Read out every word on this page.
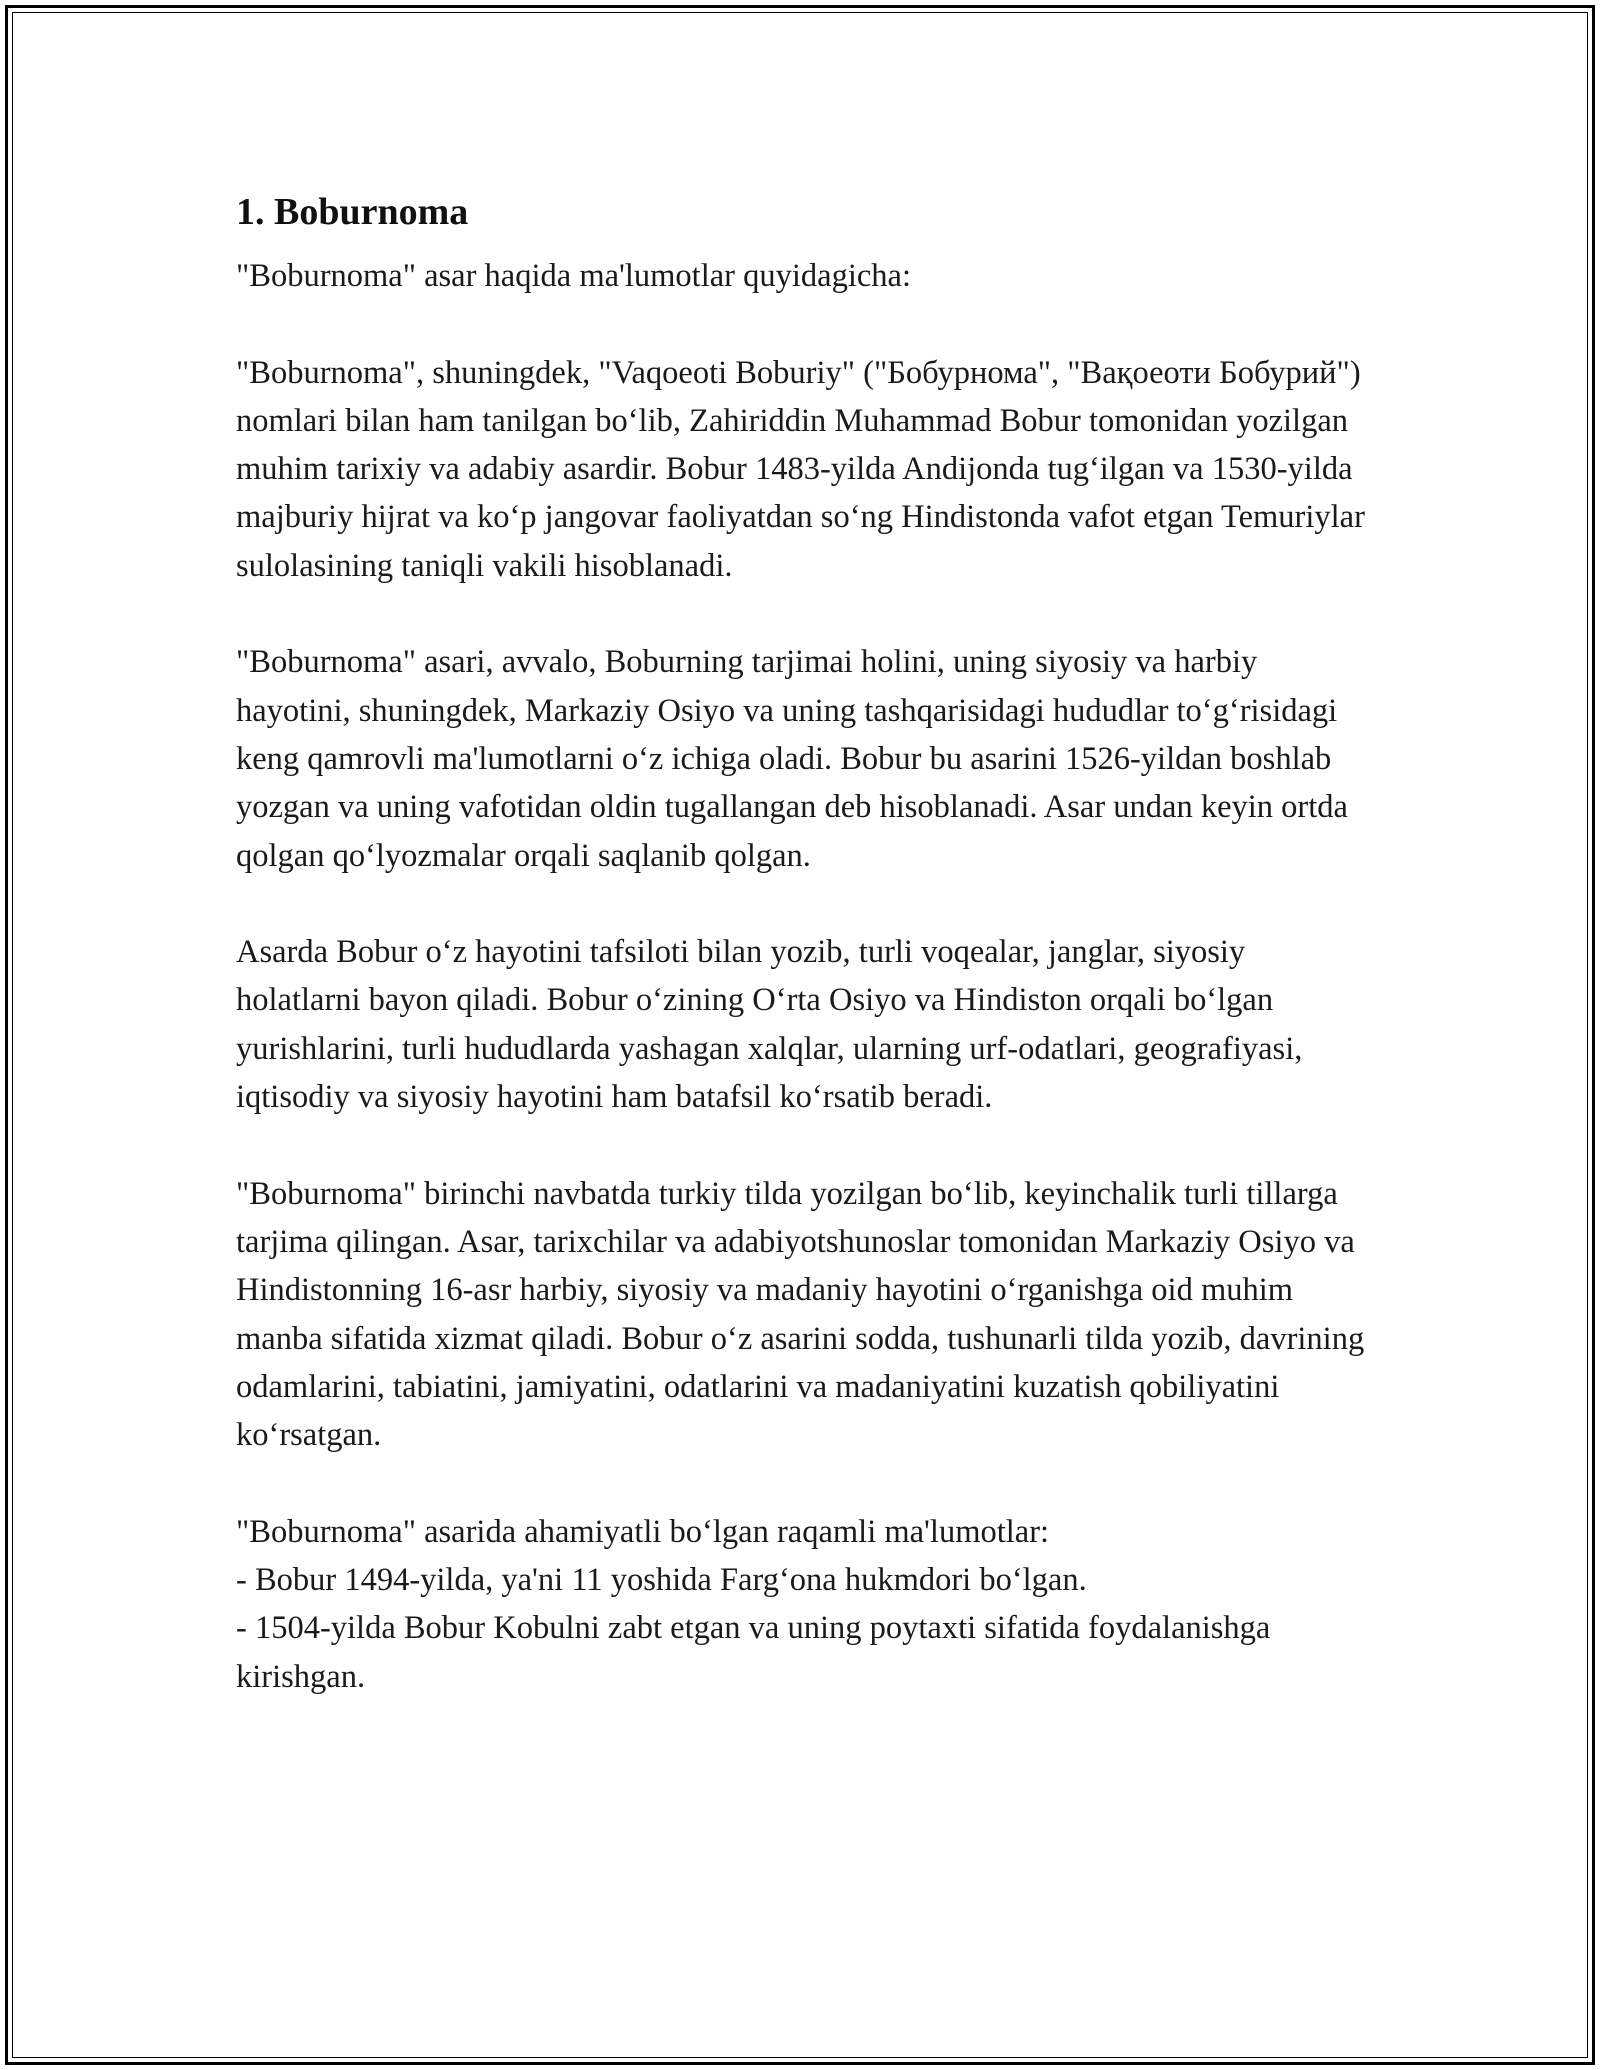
1. Boburnoma

"Boburnoma" asar haqida ma'lumotlar quyidagicha:

"Boburnoma", shuningdek, "Vaqoeoti Boburiy" ("Бобурнома", "Вақоеоти Бобурий") nomlari bilan ham tanilgan boʻlib, Zahiriddin Muhammad Bobur tomonidan yozilgan muhim tarixiy va adabiy asardir. Bobur 1483-yilda Andijonda tugʻilgan va 1530-yilda majburiy hijrat va koʻp jangovar faoliyatdan soʻng Hindistonda vafot etgan Temuriylar sulolasining taniqli vakili hisoblanadi.

"Boburnoma" asari, avvalo, Boburning tarjimai holini, uning siyosiy va harbiy hayotini, shuningdek, Markaziy Osiyo va uning tashqarisidagi hududlar toʻgʻrisidagi keng qamrovli ma'lumotlarni oʻz ichiga oladi. Bobur bu asarini 1526-yildan boshlab yozgan va uning vafotidan oldin tugallangan deb hisoblanadi. Asar undan keyin ortda qolgan qoʻlyozmalar orqali saqlanib qolgan.

Asarda Bobur oʻz hayotini tafsiloti bilan yozib, turli voqealar, janglar, siyosiy holatlarni bayon qiladi. Bobur oʻzining Oʻrta Osiyo va Hindiston orqali boʻlgan yurishlarini, turli hududlarda yashagan xalqlar, ularning urf-odatlari, geografiyasi, iqtisodiy va siyosiy hayotini ham batafsil koʻrsatib beradi.

"Boburnoma" birinchi navbatda turkiy tilda yozilgan boʻlib, keyinchalik turli tillarga tarjima qilingan. Asar, tarixchilar va adabiyotshunoslar tomonidan Markaziy Osiyo va Hindistonning 16-asr harbiy, siyosiy va madaniy hayotini oʻrganishga oid muhim manba sifatida xizmat qiladi. Bobur oʻz asarini sodda, tushunarli tilda yozib, davrining odamlarini, tabiatini, jamiyatini, odatlarini va madaniyatini kuzatish qobiliyatini koʻrsatgan.

"Boburnoma" asarida ahamiyatli boʻlgan raqamli ma'lumotlar:

- Bobur 1494-yilda, ya'ni 11 yoshida Fargʻona hukmdori boʻlgan.

- 1504-yilda Bobur Kobulni zabt etgan va uning poytaxti sifatida foydalanishga kirishgan.
